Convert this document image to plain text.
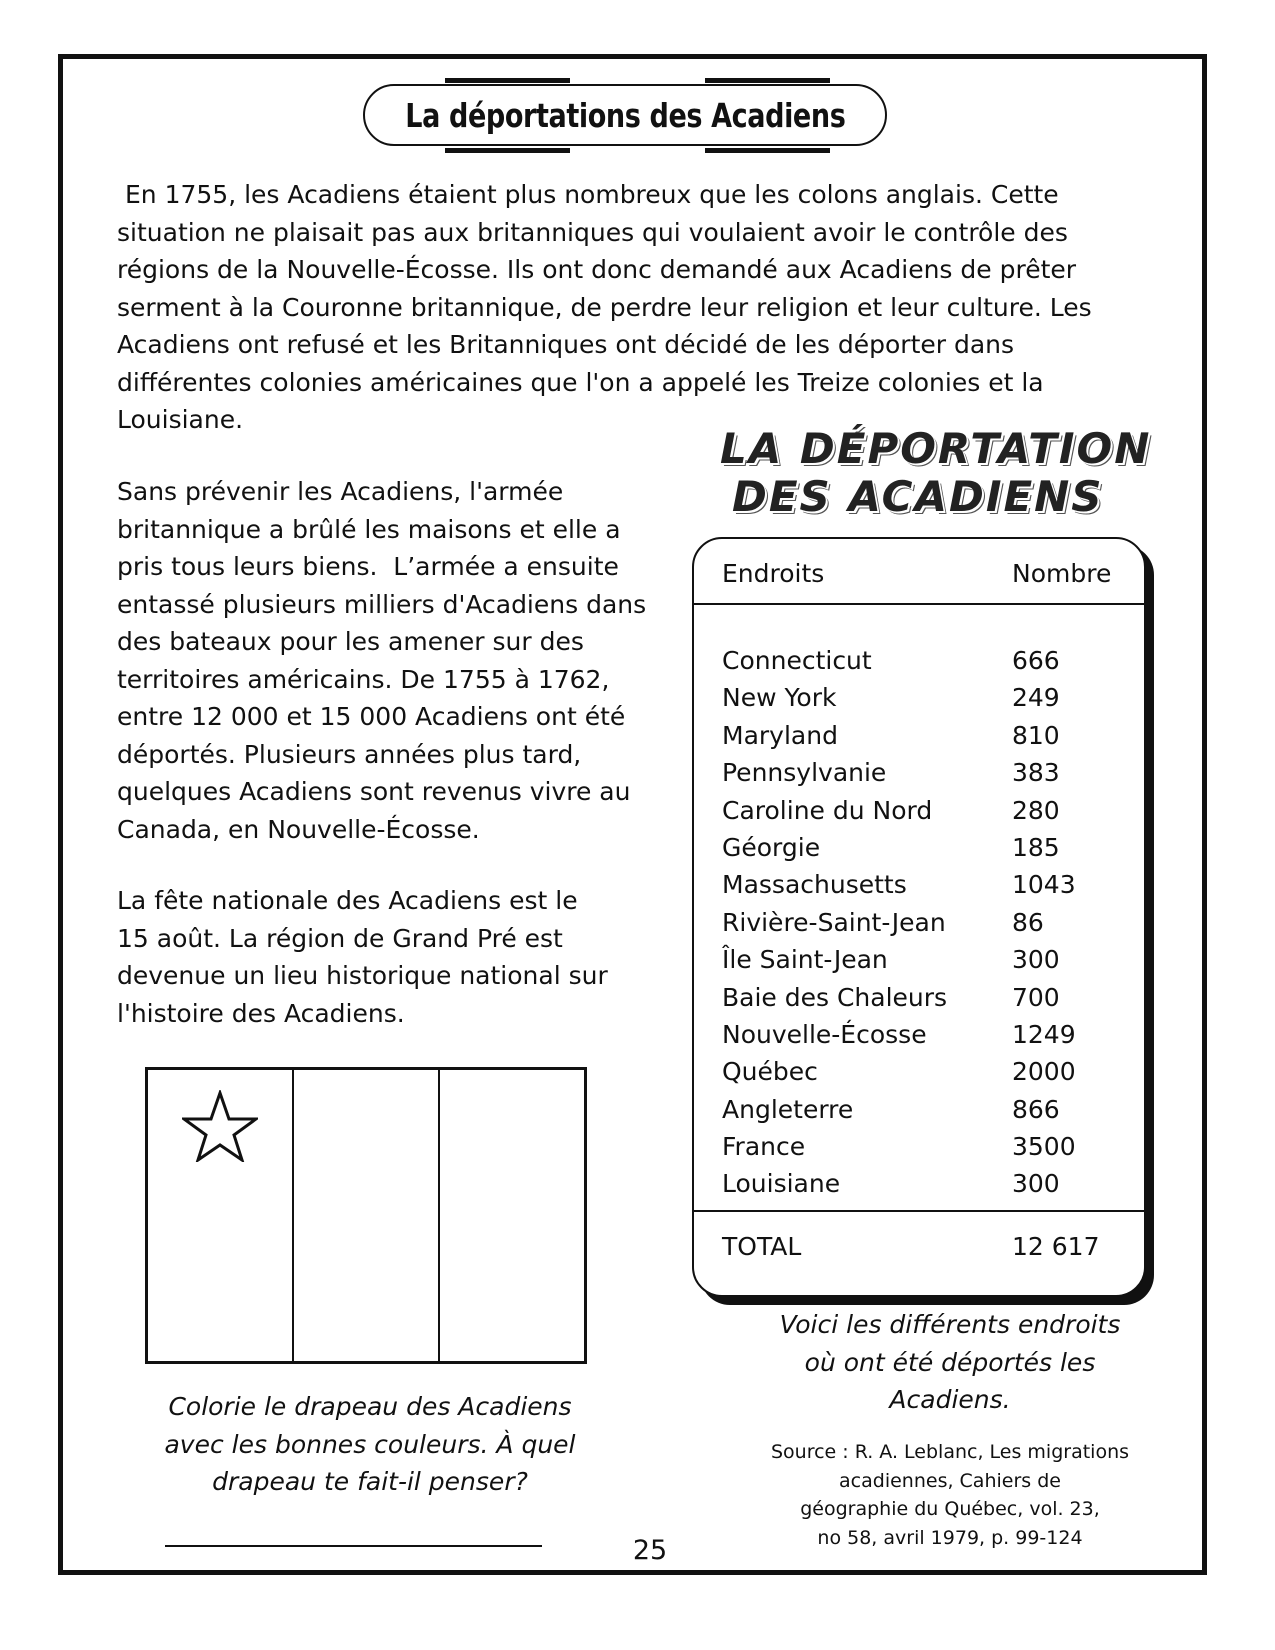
La déportations des Acadiens
En 1755, les Acadiens étaient plus nombreux que les colons anglais. Cette
situation ne plaisait pas aux britanniques qui voulaient avoir le contrôle des
régions de la Nouvelle-Écosse. Ils ont donc demandé aux Acadiens de prêter
serment à la Couronne britannique, de perdre leur religion et leur culture. Les
Acadiens ont refusé et les Britanniques ont décidé de les déporter dans
différentes colonies américaines que l'on a appelé les Treize colonies et la
Louisiane.
Sans prévenir les Acadiens, l'armée
britannique a brûlé les maisons et elle a
pris tous leurs biens.  L’armée a ensuite
entassé plusieurs milliers d'Acadiens dans
des bateaux pour les amener sur des
territoires américains. De 1755 à 1762,
entre 12 000 et 15 000 Acadiens ont été
déportés. Plusieurs années plus tard,
quelques Acadiens sont revenus vivre au
Canada, en Nouvelle-Écosse.
La fête nationale des Acadiens est le
15 août. La région de Grand Pré est
devenue un lieu historique national sur
l'histoire des Acadiens.
LA DÉPORTATION
DES ACADIENS
Endroits	Nombre
Connecticut	666
New York	249
Maryland	810
Pennsylvanie	383
Caroline du Nord	280
Géorgie	185
Massachusetts	1043
Rivière-Saint-Jean	86
Île Saint-Jean	300
Baie des Chaleurs	700
Nouvelle-Écosse	1249
Québec	2000
Angleterre	866
France	3500
Louisiane	300
TOTAL	12 617
Voici les différents endroits
où ont été déportés les
Acadiens.
Source : R. A. Leblanc, Les migrations
acadiennes, Cahiers de
géographie du Québec, vol. 23,
no 58, avril 1979, p. 99-124
Colorie le drapeau des Acadiens
avec les bonnes couleurs. À quel
drapeau te fait-il penser?
25
